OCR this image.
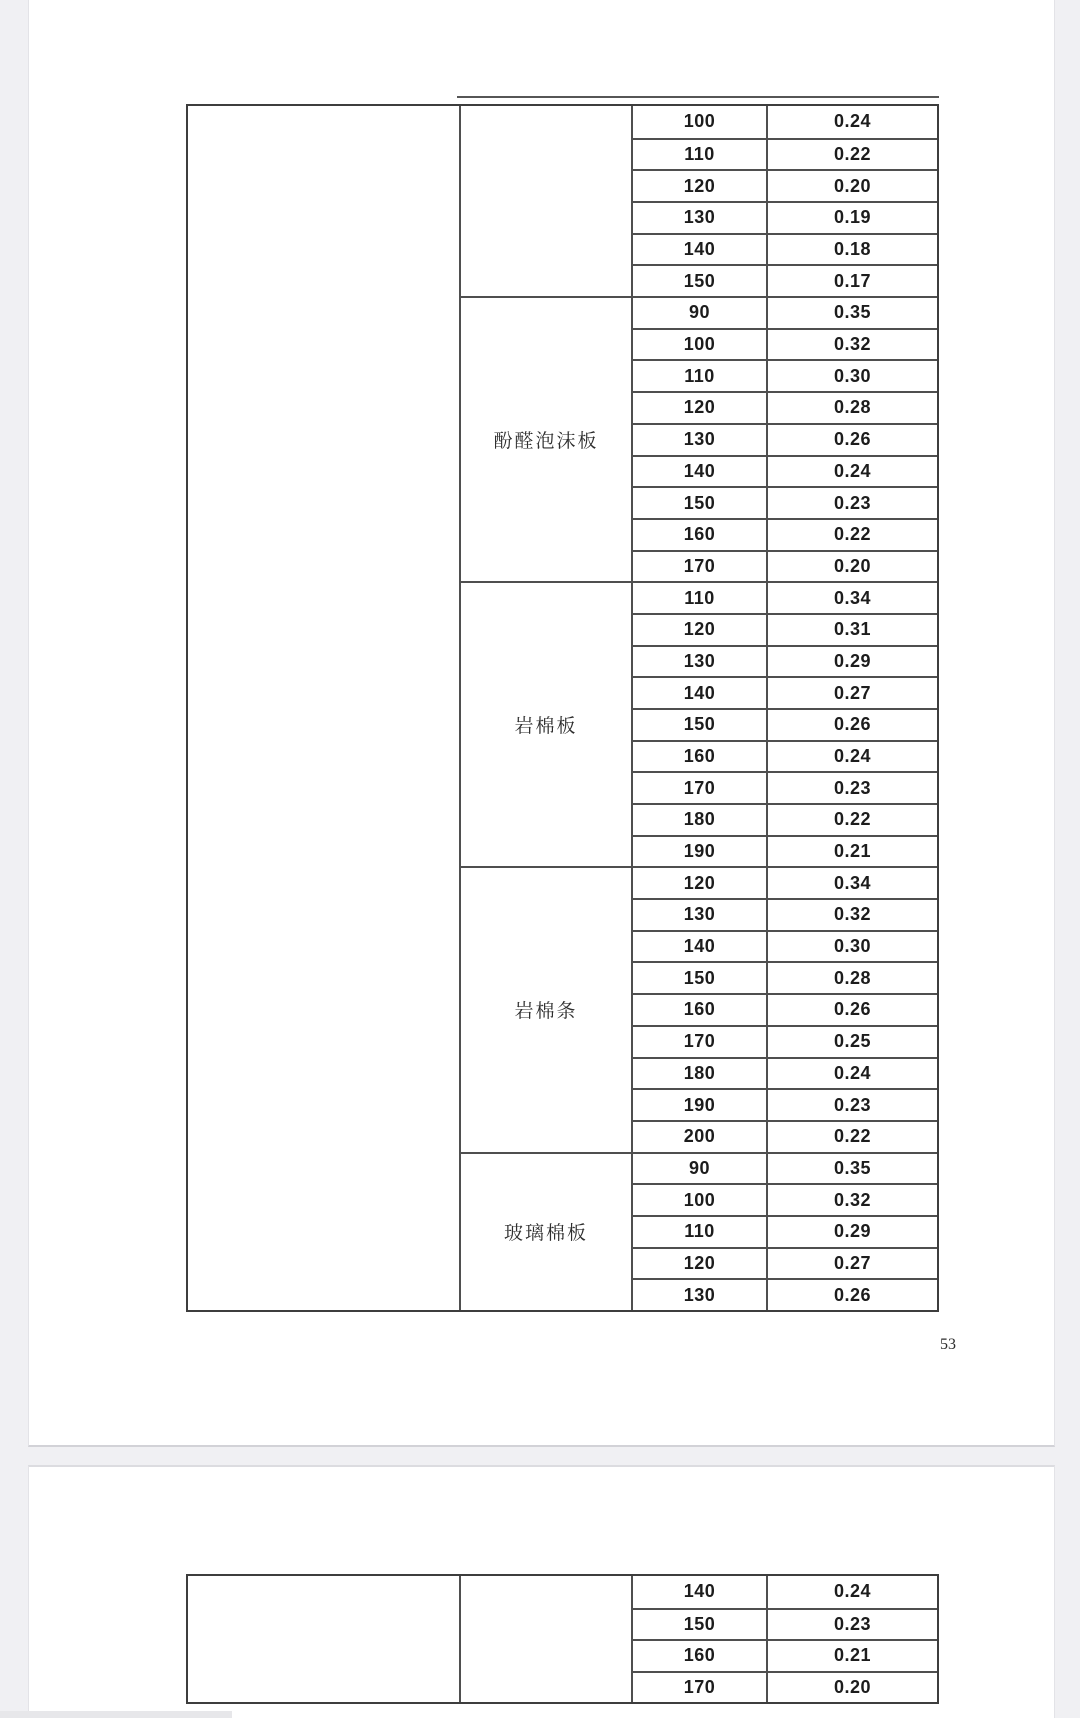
100	0.24
110	0.22
120	0.20
130	0.19
140	0.18
150	0.17
酚醛泡沫板
90	0.35
100	0.32
110	0.30
120	0.28
130	0.26
140	0.24
150	0.23
160	0.22
170	0.20
岩棉板
110	0.34
120	0.31
130	0.29
140	0.27
150	0.26
160	0.24
170	0.23
180	0.22
190	0.21
岩棉条
120	0.34
130	0.32
140	0.30
150	0.28
160	0.26
170	0.25
180	0.24
190	0.23
200	0.22
玻璃棉板
90	0.35
100	0.32
110	0.29
120	0.27
130	0.26
53
140	0.24
150	0.23
160	0.21
170	0.20
